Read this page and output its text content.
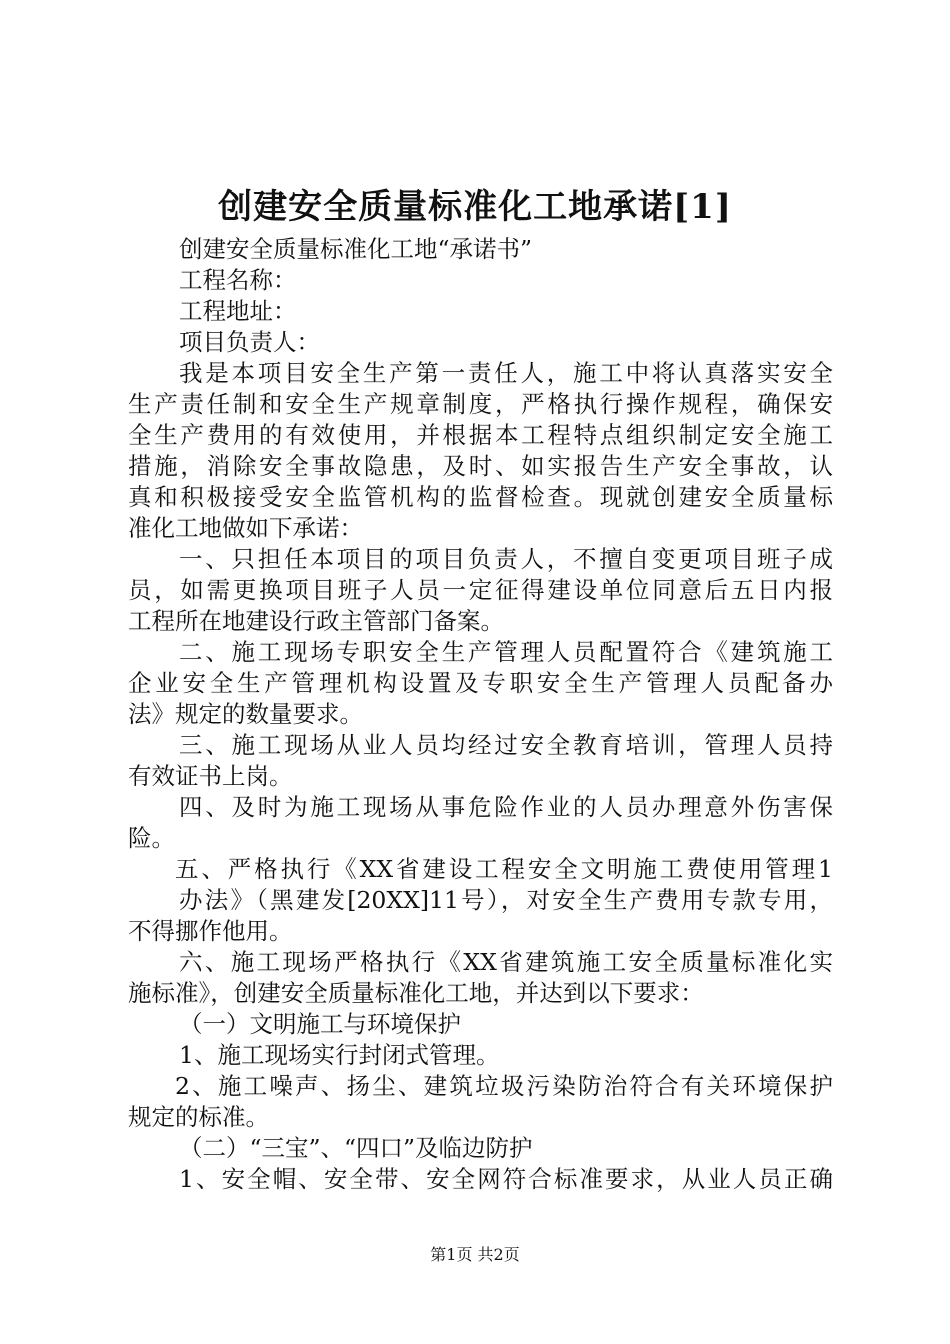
创建安全质量标准化工地承诺[1]
创建安全质量标准化工地“承诺书”
工程名称：
工程地址：
项目负责人：
我是本项目安全生产第一责任人，施工中将认真落实安全
生产责任制和安全生产规章制度，严格执行操作规程，确保安
全生产费用的有效使用，并根据本工程特点组织制定安全施工
措施，消除安全事故隐患，及时、如实报告生产安全事故，认
真和积极接受安全监管机构的监督检查。现就创建安全质量标
准化工地做如下承诺：
一、只担任本项目的项目负责人，不擅自变更项目班子成
员，如需更换项目班子人员一定征得建设单位同意后五日内报
工程所在地建设行政主管部门备案。
二、施工现场专职安全生产管理人员配置符合《建筑施工
企业安全生产管理机构设置及专职安全生产管理人员配备办
法》规定的数量要求。
三、施工现场从业人员均经过安全教育培训，管理人员持
有效证书上岗。
四、及时为施工现场从事危险作业的人员办理意外伤害保
险。
五、严格执行《XX省建设工程安全文明施工费使用管理1
办法》（黑建发[20XX]11号），对安全生产费用专款专用，
不得挪作他用。
六、施工现场严格执行《XX省建筑施工安全质量标准化实
施标准》，创建安全质量标准化工地，并达到以下要求：
（一）文明施工与环境保护
1、施工现场实行封闭式管理。
2、施工噪声、扬尘、建筑垃圾污染防治符合有关环境保护
规定的标准。
（二）“三宝”、“四口”及临边防护
1、安全帽、安全带、安全网符合标准要求，从业人员正确
第1页 共2页
